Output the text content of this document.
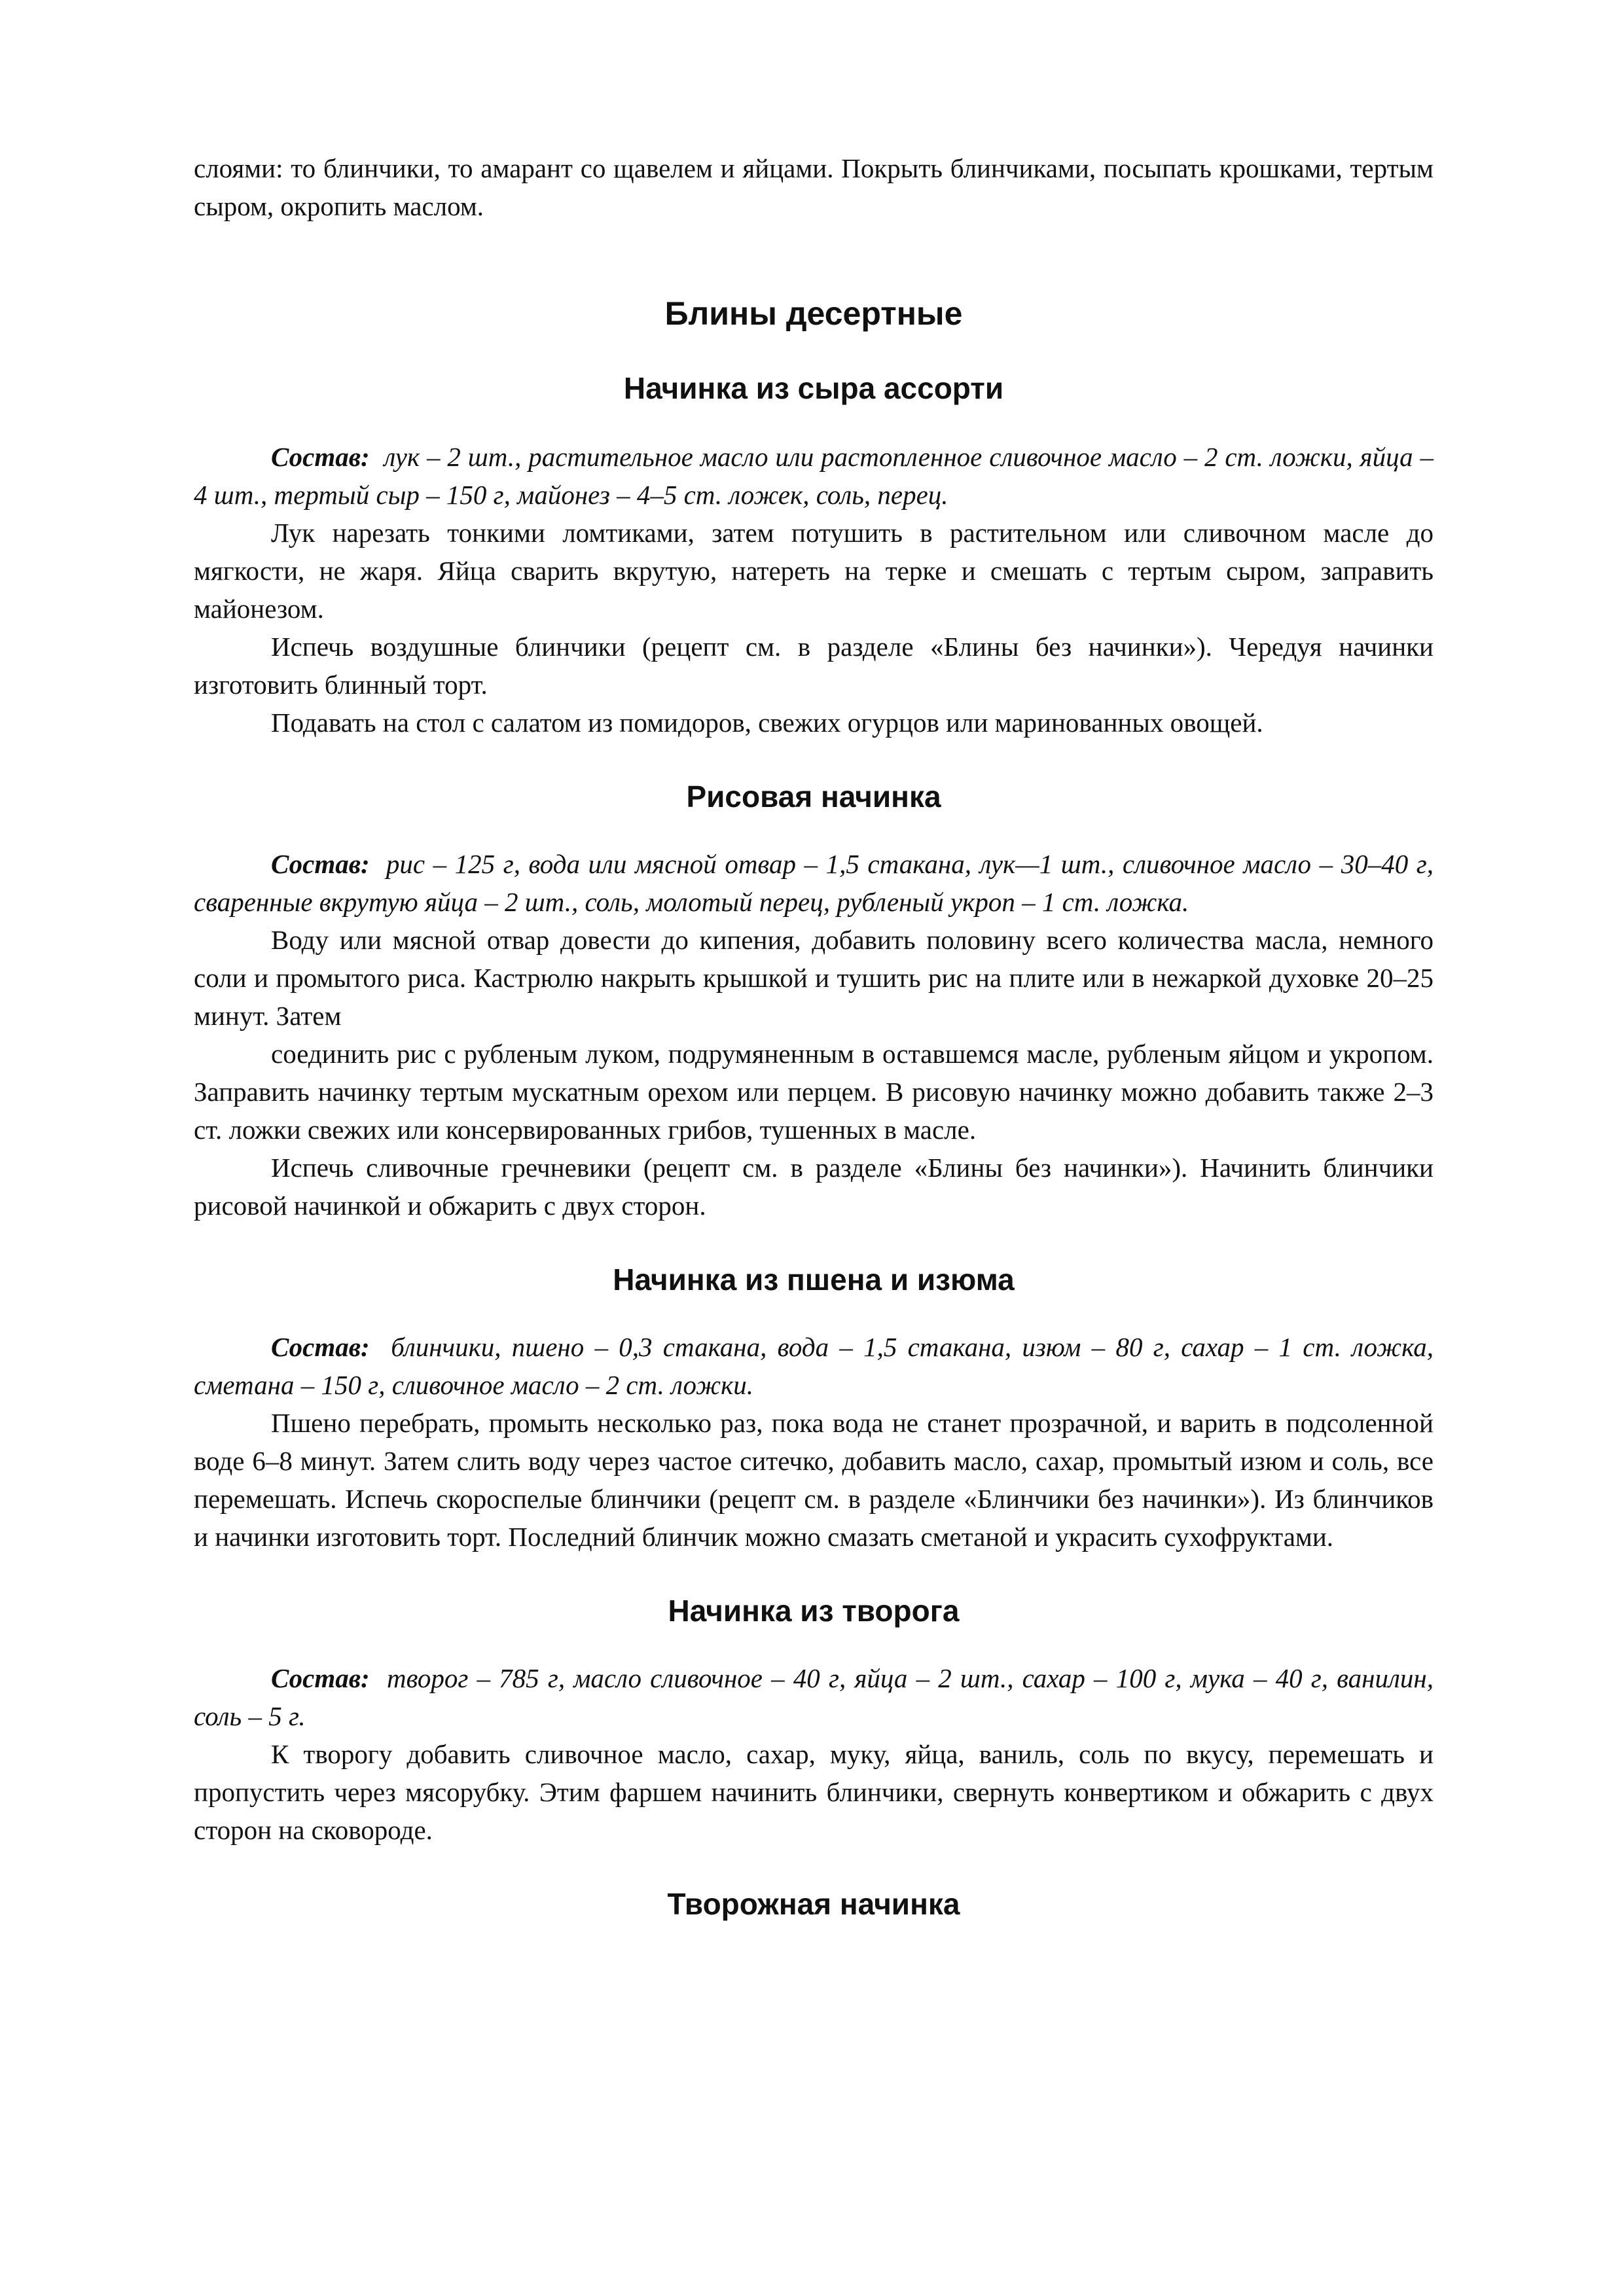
слоями: то блинчики, то амарант со щавелем и яйцами. Покрыть блинчиками, посыпать крошками, тертым сыром, окропить маслом.

Блины десертные
Начинка из сыра ассорти

Состав: лук – 2 шт., растительное масло или растопленное сливочное масло – 2 ст. ложки, яйца – 4 шт., тертый сыр – 150 г, майонез – 4–5 ст. ложек, соль, перец.

Лук нарезать тонкими ломтиками, затем потушить в растительном или сливочном масле до мягкости, не жаря. Яйца сварить вкрутую, натереть на терке и смешать с тертым сыром, заправить майонезом.

Испечь воздушные блинчики (рецепт см. в разделе «Блины без начинки»). Чередуя начинки изготовить блинный торт.

Подавать на стол с салатом из помидоров, свежих огурцов или маринованных овощей.

Рисовая начинка

Состав: рис – 125 г, вода или мясной отвар – 1,5 стакана, лук—1 шт., сливочное масло – 30–40 г, сваренные вкрутую яйца – 2 шт., соль, молотый перец, рубленый укроп – 1 ст. ложка.

Воду или мясной отвар довести до кипения, добавить половину всего количества масла, немного соли и промытого риса. Кастрюлю накрыть крышкой и тушить рис на плите или в нежаркой духовке 20–25 минут. Затем

соединить рис с рубленым луком, подрумяненным в оставшемся масле, рубленым яйцом и укропом. Заправить начинку тертым мускатным орехом или перцем. В рисовую начинку можно добавить также 2–3 ст. ложки свежих или консервированных грибов, тушенных в масле.

Испечь сливочные гречневики (рецепт см. в разделе «Блины без начинки»). Начинить блинчики рисовой начинкой и обжарить с двух сторон.

Начинка из пшена и изюма

Состав: блинчики, пшено – 0,3 стакана, вода – 1,5 стакана, изюм – 80 г, сахар – 1 ст. ложка, сметана – 150 г, сливочное масло – 2 ст. ложки.

Пшено перебрать, промыть несколько раз, пока вода не станет прозрачной, и варить в подсоленной воде 6–8 минут. Затем слить воду через частое ситечко, добавить масло, сахар, промытый изюм и соль, все перемешать. Испечь скороспелые блинчики (рецепт см. в разделе «Блинчики без начинки»). Из блинчиков и начинки изготовить торт. Последний блинчик можно смазать сметаной и украсить сухофруктами.

Начинка из творога

Состав: творог – 785 г, масло сливочное – 40 г, яйца – 2 шт., сахар – 100 г, мука – 40 г, ванилин, соль – 5 г.

К творогу добавить сливочное масло, сахар, муку, яйца, ваниль, соль по вкусу, перемешать и пропустить через мясорубку. Этим фаршем начинить блинчики, свернуть конвертиком и обжарить с двух сторон на сковороде.

Творожная начинка
